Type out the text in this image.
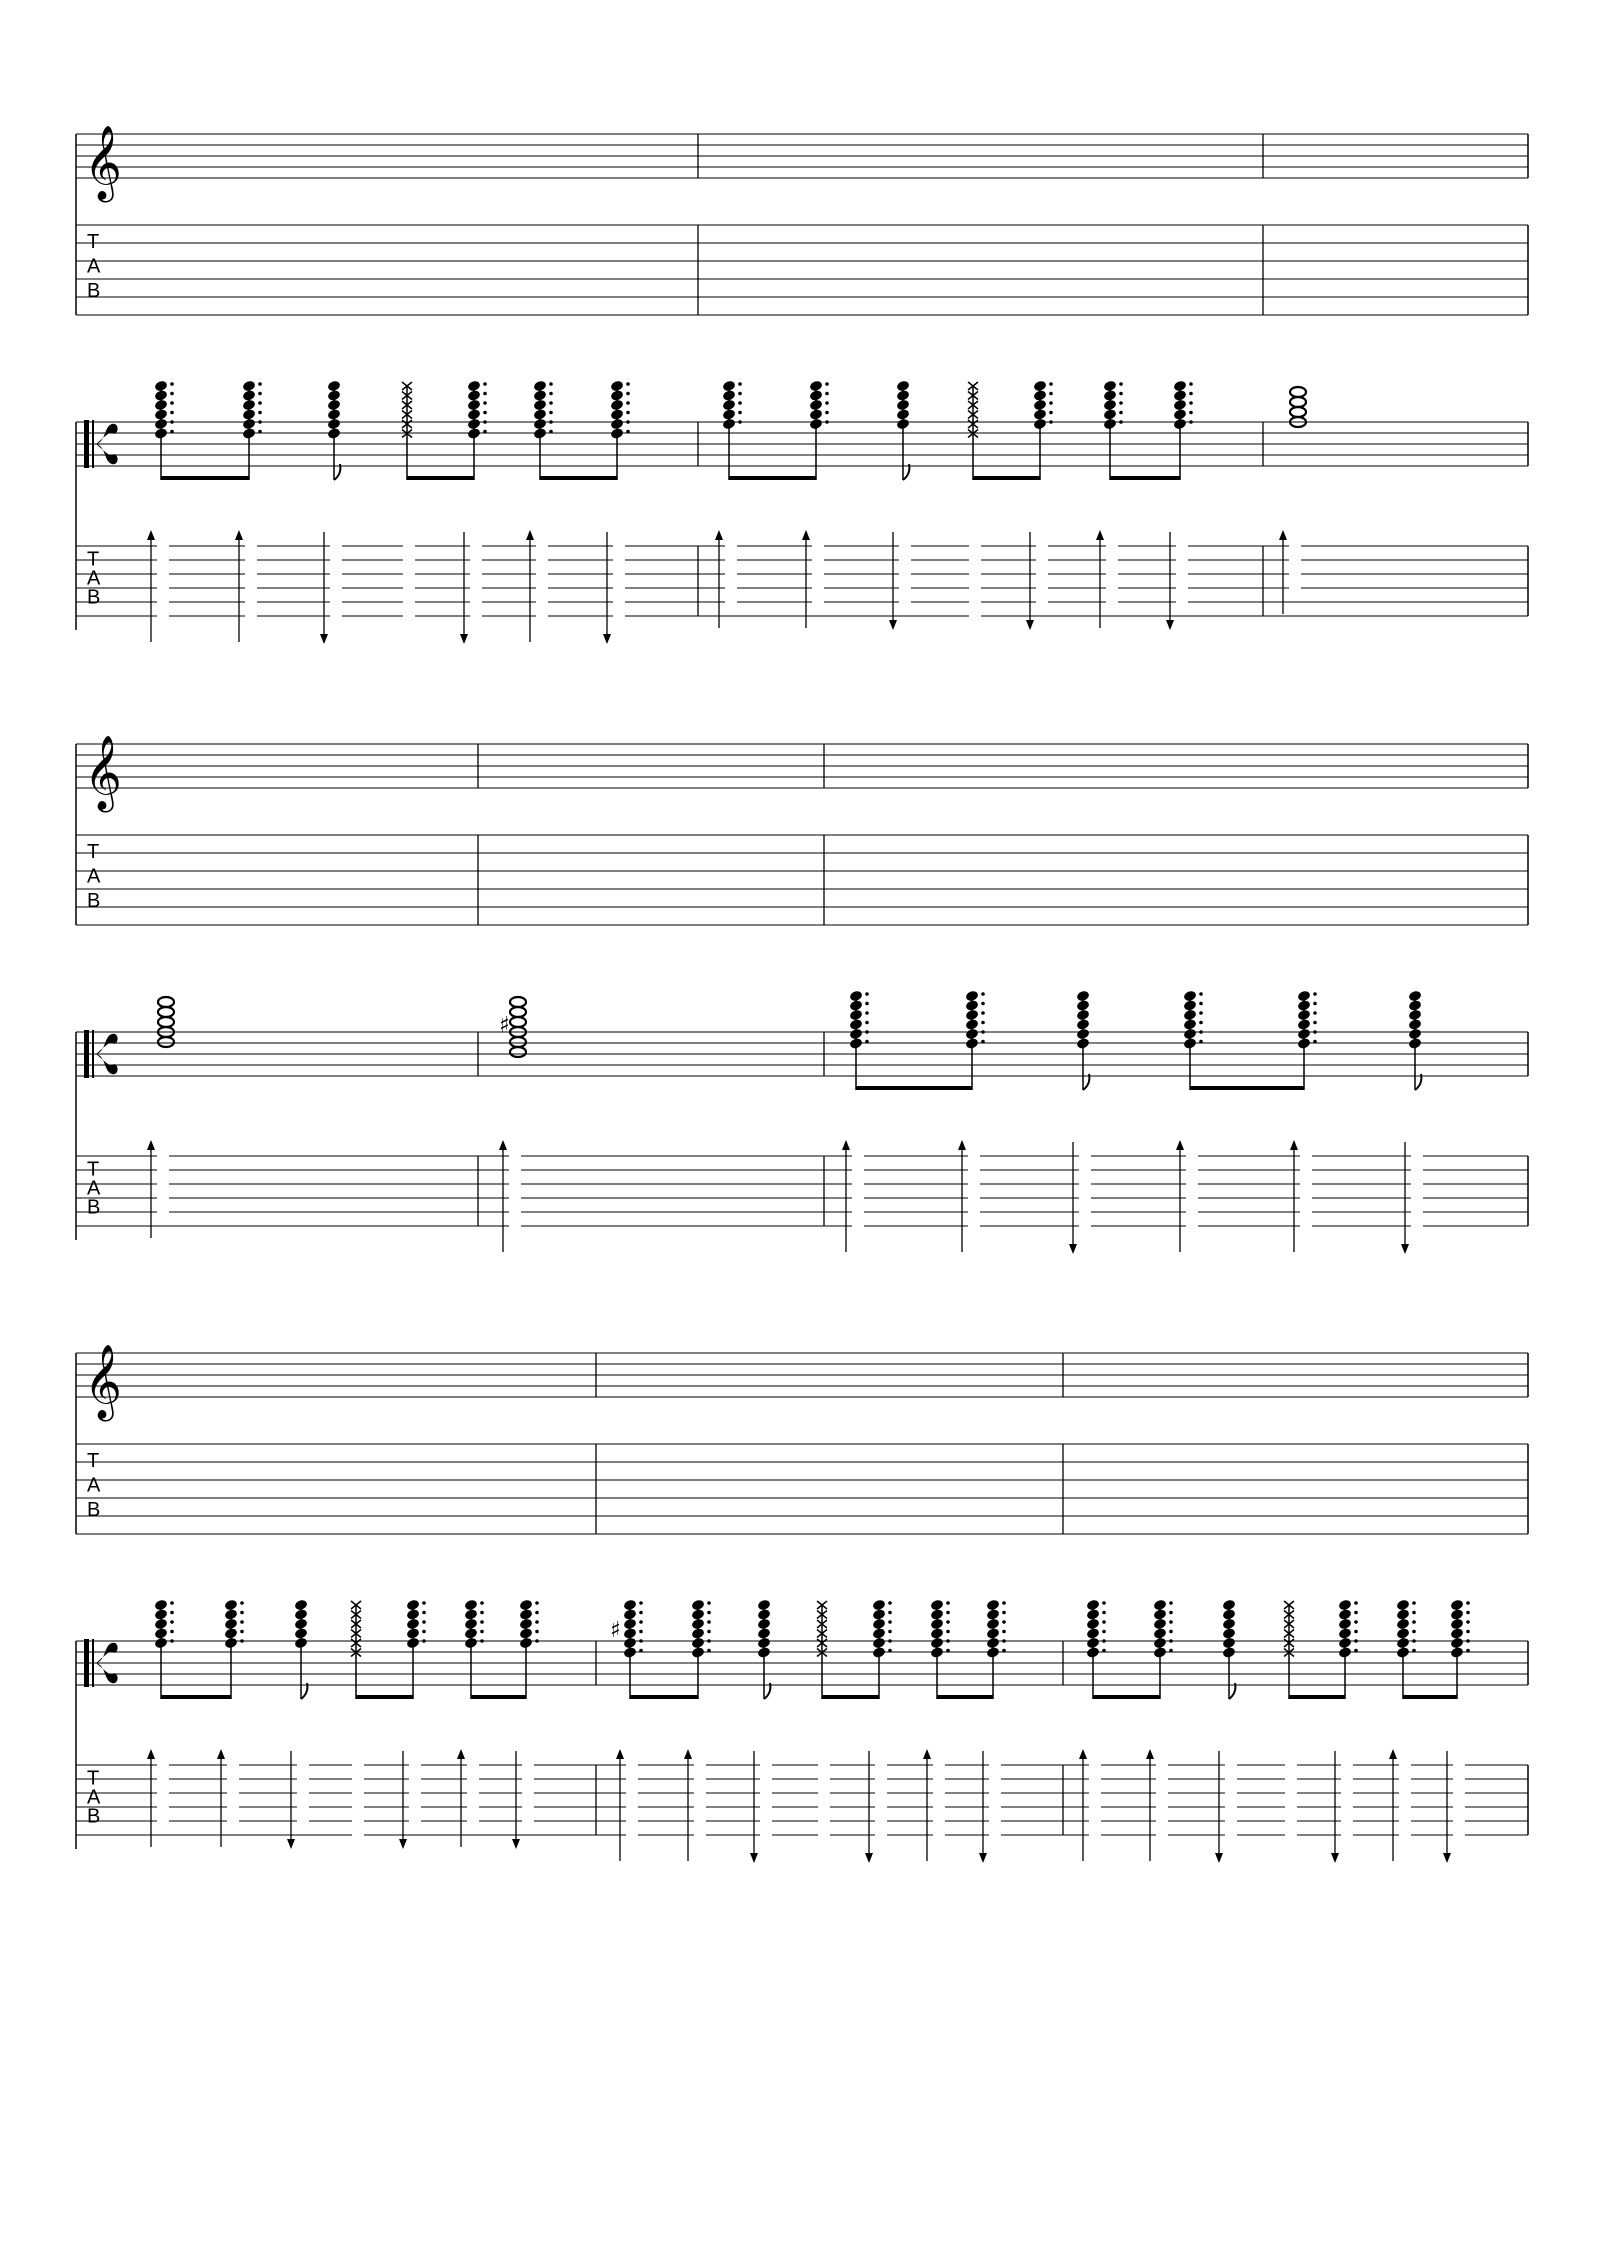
𝄞
T
A
B
T
A
B
𝄞
T
A
B
T
A
B
♯
𝄞
T
A
B
T
A
B
♯
